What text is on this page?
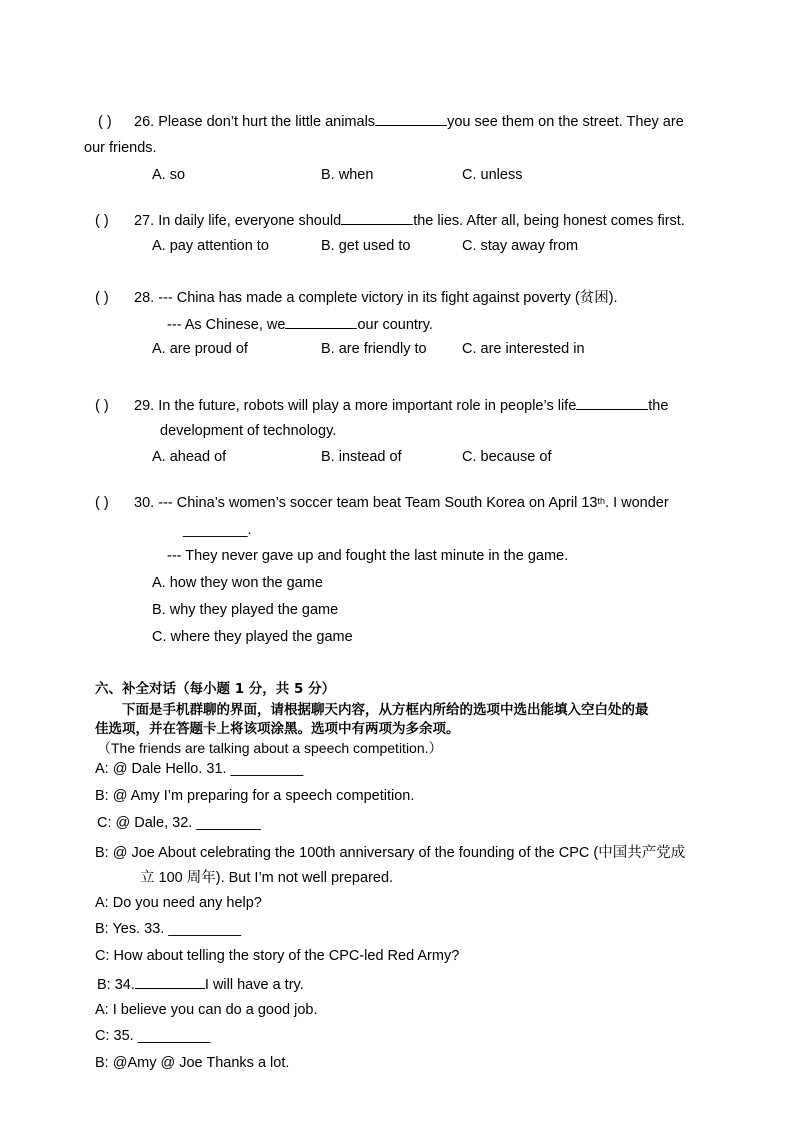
( ) 26. Please don’t hurt the little animals	you see them on the street. They are
our friends.
A. so	B. when	C. unless
( ) 27. In daily life, everyone should	the lies. After all, being honest comes first.
A. pay attention to	B. get used to	C. stay away from
( ) 28. --- China has made a complete victory in its fight against poverty (贫困).
--- As Chinese, we	our country.
A. are proud of	B. are friendly to C. are interested in
( ) 29. In the future, robots will play a more important role in people’s life	the
development of technology.
A. ahead of	B. instead of	C. because of
( ) 30. --- China’s women’s soccer team beat Team South Korea on April 13th. I wonder
________.
--- They never gave up and fought the last minute in the game.
A. how they won the game
B. why they played the game
C. where they played the game
六、补全对话（每小题 1 分，共 5 分）
下面是手机群聊的界面，请根据聊天内容，从方框内所给的选项中选出能填入空白处的最
佳选项，并在答题卡上将该项涂黑。选项中有两项为多余项。
（The friends are talking about a speech competition.）
A: @ Dale Hello. 31. _________
B: @ Amy I’m preparing for a speech competition.
C: @ Dale, 32. ________
B: @ Joe About celebrating the 100th anniversary of the founding of the CPC (中国共产党成
立 100 周年). But I’m not well prepared.
A: Do you need any help?
B: Yes. 33. _________
C: How about telling the story of the CPC-led Red Army?
B: 34.	I will have a try.
A: I believe you can do a good job.
C: 35. _________
B: @Amy @ Joe Thanks a lot.
